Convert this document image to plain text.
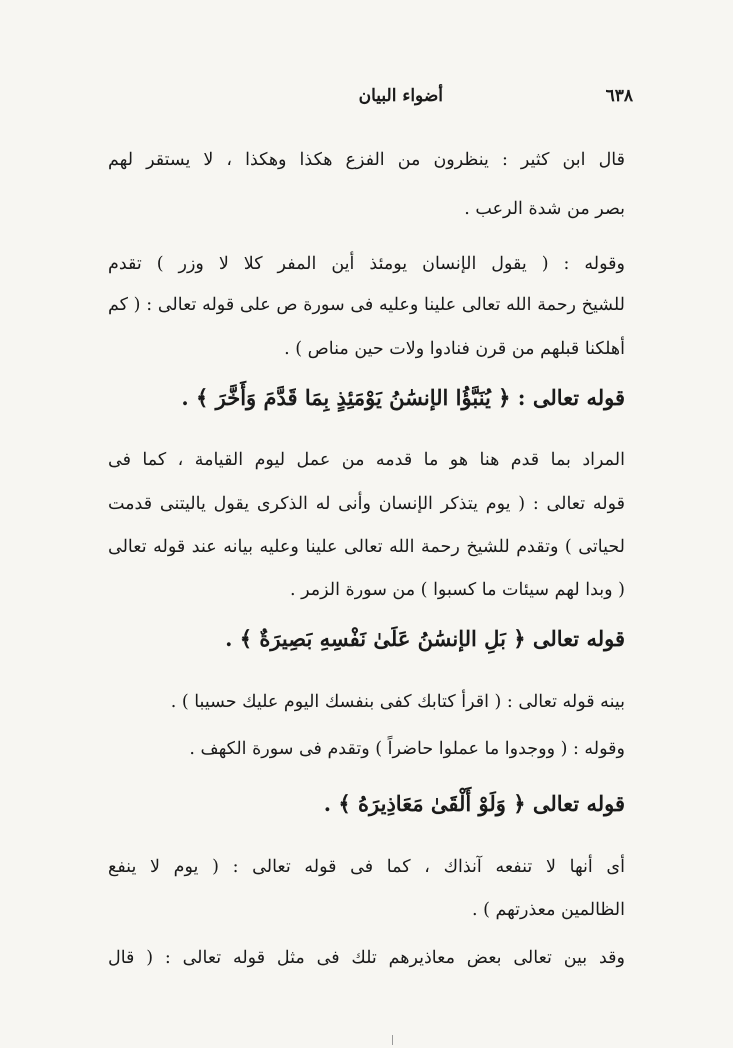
٦٣٨
أضواء البيان
قال ابن كثير : ينظرون من الفزع هكذا وهكذا ، لا يستقر لهم
بصر من شدة الرعب .
وقوله : ( يقول الإنسان يومئذ أين المفر كلا لا وزر ) تقدم
للشيخ رحمة الله تعالى علينا وعليه فى سورة ص على قوله تعالى : ( كم
أهلكنا قبلهم من قرن فنادوا ولات حين مناص ) .
قوله تعالى : ﴿ يُنَبَّؤُا الإنسَٰنُ يَوْمَئِذٍ بِمَا قَدَّمَ وَأَخَّرَ ﴾ .
المراد بما قدم هنا هو ما قدمه من عمل ليوم القيامة ، كما فى
قوله تعالى : ( يوم يتذكر الإنسان وأنى له الذكرى يقول ياليتنى قدمت
لحياتى ) وتقدم للشيخ رحمة الله تعالى علينا وعليه بيانه عند قوله تعالى
( وبدا لهم سيئات ما كسبوا ) من سورة الزمر .
قوله تعالى ﴿ بَلِ الإنسَٰنُ عَلَىٰ نَفْسِهِ بَصِيرَةٌ ﴾ .
بينه قوله تعالى : ( اقرأ كتابك كفى بنفسك اليوم عليك حسيبا ) .
وقوله : ( ووجدوا ما عملوا حاضراً ) وتقدم فى سورة الكهف .
قوله تعالى ﴿ وَلَوْ أَلْقَىٰ مَعَاذِيرَهُ ﴾ .
أى أنها لا تنفعه آنذاك ، كما فى قوله تعالى : ( يوم لا ينفع
الظالمين معذرتهم ) .
وقد بين تعالى بعض معاذيرهم تلك فى مثل قوله تعالى : ( قال
